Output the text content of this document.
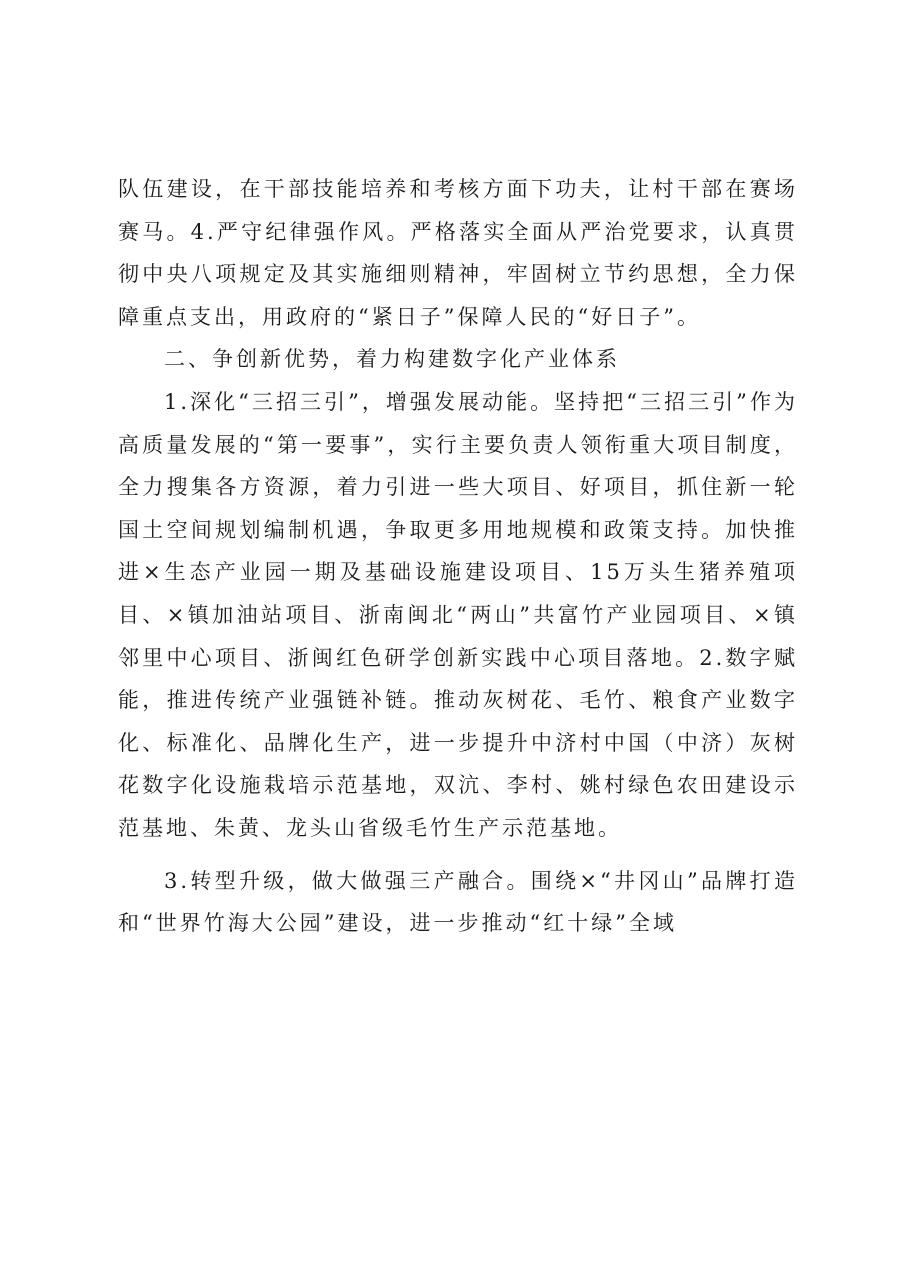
队伍建设，在干部技能培养和考核方面下功夫，让村干部在赛场赛马。4.严守纪律强作风。严格落实全面从严治党要求，认真贯彻中央八项规定及其实施细则精神，牢固树立节约思想，全力保障重点支出，用政府的“紧日子”保障人民的“好日子”。

二、争创新优势，着力构建数字化产业体系

1.深化“三招三引”，增强发展动能。坚持把“三招三引”作为高质量发展的“第一要事”，实行主要负责人领衔重大项目制度，全力搜集各方资源，着力引进一些大项目、好项目，抓住新一轮国土空间规划编制机遇，争取更多用地规模和政策支持。加快推进×生态产业园一期及基础设施建设项目、15万头生猪养殖项目、×镇加油站项目、浙南闽北“两山”共富竹产业园项目、×镇邻里中心项目、浙闽红色研学创新实践中心项目落地。2.数字赋能，推进传统产业强链补链。推动灰树花、毛竹、粮食产业数字化、标准化、品牌化生产，进一步提升中济村中国（中济）灰树花数字化设施栽培示范基地，双沆、李村、姚村绿色农田建设示范基地、朱黄、龙头山省级毛竹生产示范基地。

3.转型升级，做大做强三产融合。围绕×“井冈山”品牌打造和“世界竹海大公园”建设，进一步推动“红十绿”全域
